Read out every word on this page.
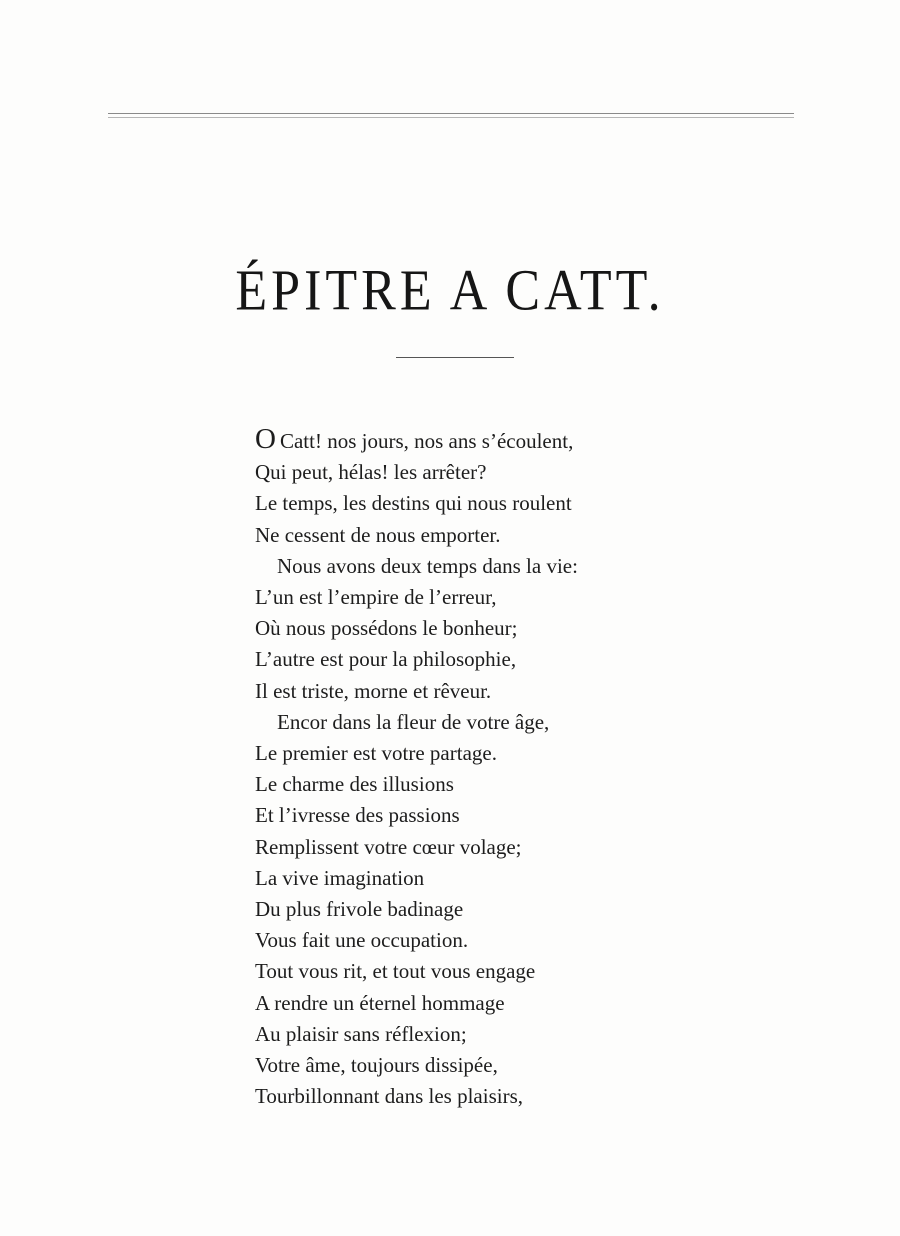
ÉPITRE A CATT.
O Catt! nos jours, nos ans s’écoulent,
Qui peut, hélas! les arrêter?
Le temps, les destins qui nous roulent
Ne cessent de nous emporter.
Nous avons deux temps dans la vie:
L’un est l’empire de l’erreur,
Où nous possédons le bonheur;
L’autre est pour la philosophie,
Il est triste, morne et rêveur.
Encor dans la fleur de votre âge,
Le premier est votre partage.
Le charme des illusions
Et l’ivresse des passions
Remplissent votre cœur volage;
La vive imagination
Du plus frivole badinage
Vous fait une occupation.
Tout vous rit, et tout vous engage
A rendre un éternel hommage
Au plaisir sans réflexion;
Votre âme, toujours dissipée,
Tourbillonnant dans les plaisirs,
